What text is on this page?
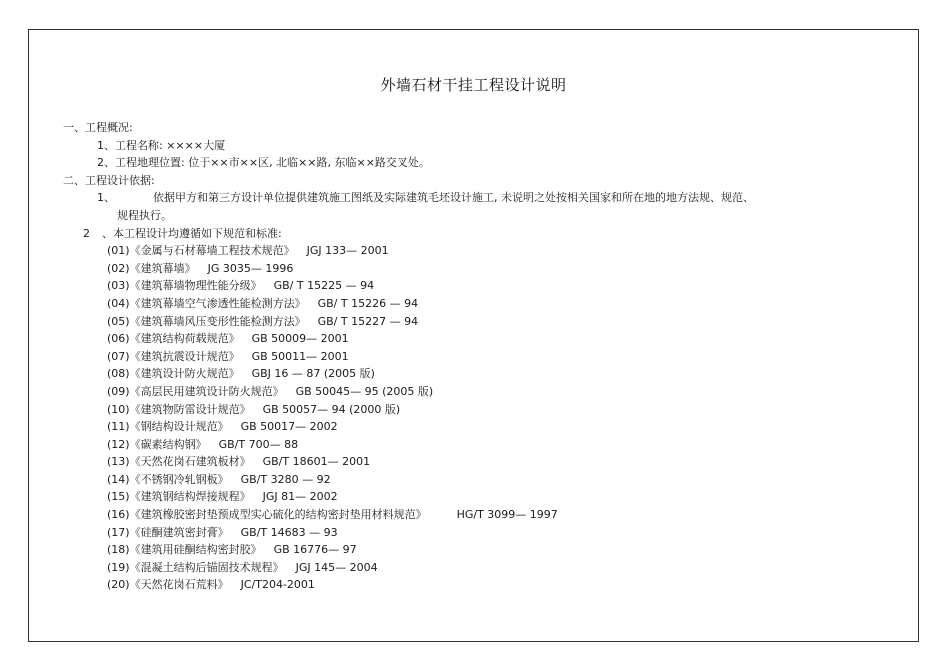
外墙石材干挂工程设计说明
一、工程概况:
1、工程名称: ××××大厦
2、工程地理位置: 位于××市××区, 北临××路, 东临××路交叉处。
二、工程设计依据:
1、	依据甲方和第三方设计单位提供建筑施工图纸及实际建筑毛坯设计施工, 未说明之处按相关国家和所在地的地方法规、规范、
规程执行。
2 、本工程设计均遵循如下规范和标准:
(01)《金属与石材幕墙工程技术规范》 JGJ 133— 2001
(02)《建筑幕墙》 JG 3035— 1996
(03)《建筑幕墙物理性能分级》 GB/ T 15225 — 94
(04)《建筑幕墙空气渗透性能检测方法》 GB/ T 15226 — 94
(05)《建筑幕墙风压变形性能检测方法》 GB/ T 15227 — 94
(06)《建筑结构荷载规范》 GB 50009— 2001
(07)《建筑抗震设计规范》 GB 50011— 2001
(08)《建筑设计防火规范》 GBJ 16 — 87 (2005 版)
(09)《高层民用建筑设计防火规范》 GB 50045— 95 (2005 版)
(10)《建筑物防雷设计规范》 GB 50057— 94 (2000 版)
(11)《钢结构设计规范》 GB 50017— 2002
(12)《碳素结构钢》 GB/T 700— 88
(13)《天然花岗石建筑板材》 GB/T 18601— 2001
(14)《不锈钢冷轧钢板》 GB/T 3280 — 92
(15)《建筑钢结构焊接规程》 JGJ 81— 2002
(16)《建筑橡胶密封垫预成型实心硫化的结构密封垫用材料规范》	HG/T 3099— 1997
(17)《硅酮建筑密封膏》 GB/T 14683 — 93
(18)《建筑用硅酮结构密封胶》 GB 16776— 97
(19)《混凝土结构后锚固技术规程》 JGJ 145— 2004
(20)《天然花岗石荒料》 JC/T204-2001
